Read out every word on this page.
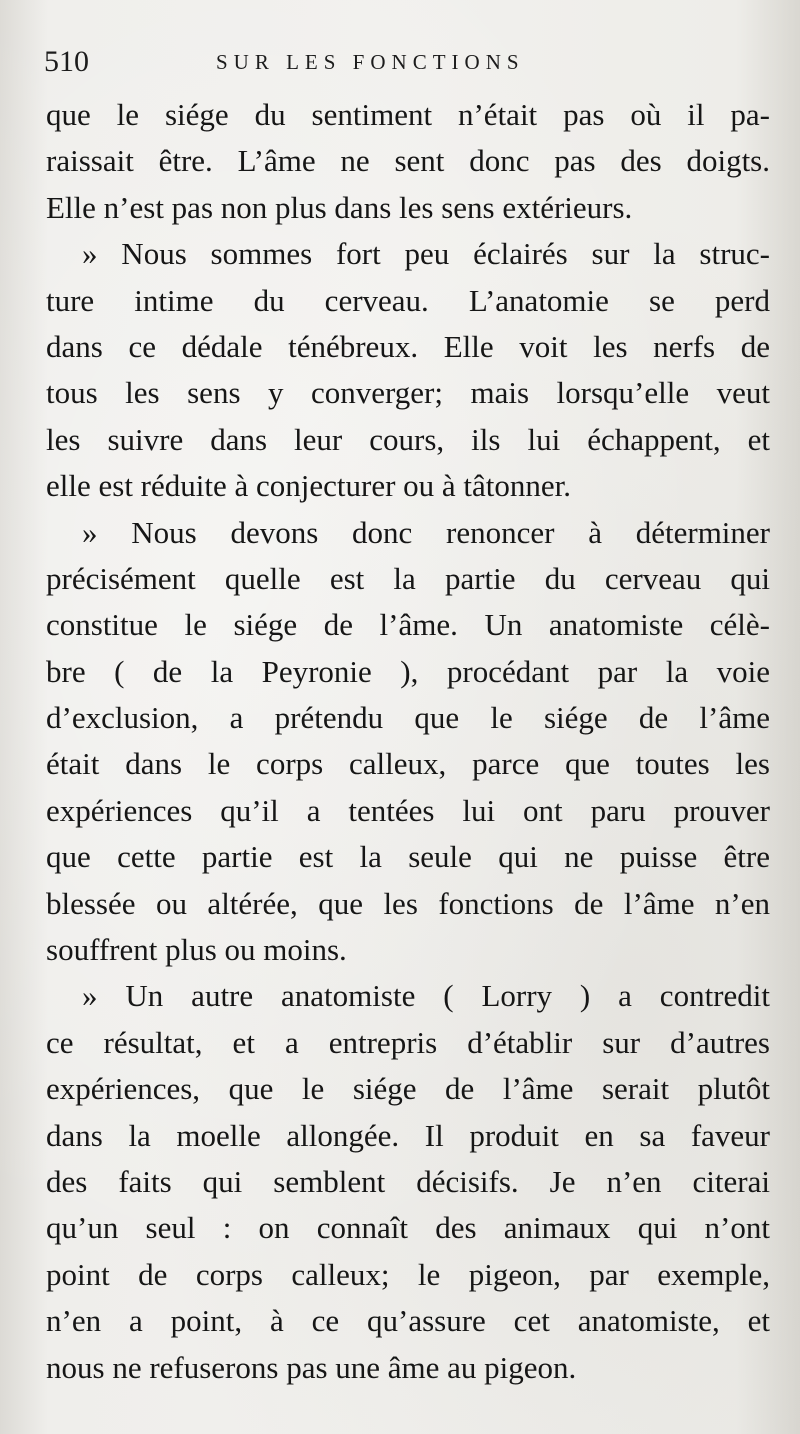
510	SUR LES FONCTIONS
que le siége du sentiment n’était pas où il pa-
raissait être. L’âme ne sent donc pas des doigts.
Elle n’est pas non plus dans les sens extérieurs.
» Nous sommes fort peu éclairés sur la struc-
ture intime du cerveau. L’anatomie se perd
dans ce dédale ténébreux. Elle voit les nerfs de
tous les sens y converger; mais lorsqu’elle veut
les suivre dans leur cours, ils lui échappent, et
elle est réduite à conjecturer ou à tâtonner.
» Nous devons donc renoncer à déterminer
précisément quelle est la partie du cerveau qui
constitue le siége de l’âme. Un anatomiste célè-
bre ( de la Peyronie ), procédant par la voie
d’exclusion, a prétendu que le siége de l’âme
était dans le corps calleux, parce que toutes les
expériences qu’il a tentées lui ont paru prouver
que cette partie est la seule qui ne puisse être
blessée ou altérée, que les fonctions de l’âme n’en
souffrent plus ou moins.
» Un autre anatomiste ( Lorry ) a contredit
ce résultat, et a entrepris d’établir sur d’autres
expériences, que le siége de l’âme serait plutôt
dans la moelle allongée. Il produit en sa faveur
des faits qui semblent décisifs. Je n’en citerai
qu’un seul : on connaît des animaux qui n’ont
point de corps calleux; le pigeon, par exemple,
n’en a point, à ce qu’assure cet anatomiste, et
nous ne refuserons pas une âme au pigeon.
